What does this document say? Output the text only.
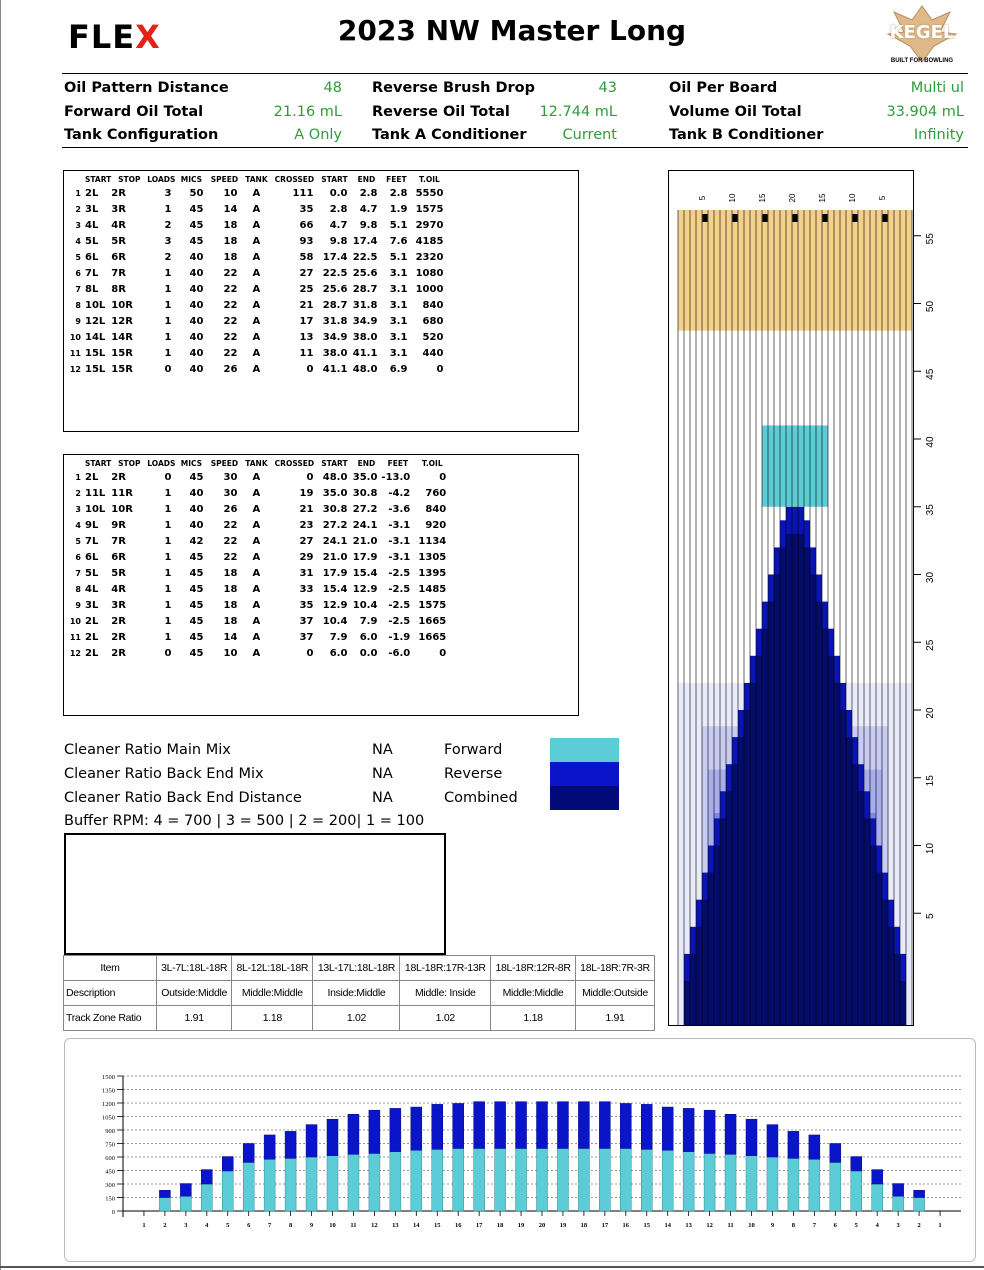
FLEX	2023 NW Master Long	KEGEL
BUILT FOR BOWLING
Oil Pattern Distance	48
Forward Oil Total	21.16 mL
Tank Configuration	A Only
Reverse Brush Drop	43
Reverse Oil Total	12.744 mL
Tank A Conditioner	Current
Oil Per Board	Multi ul
Volume Oil Total	33.904 mL
Tank B Conditioner	Infinity
	START	STOP	LOADS	MICS	SPEED	TANK	CROSSED	START	END	FEET	T.OIL
1	2L	2R	3	50	10	A	111	0.0	2.8	2.8	5550
2	3L	3R	1	45	14	A	35	2.8	4.7	1.9	1575
3	4L	4R	2	45	18	A	66	4.7	9.8	5.1	2970
4	5L	5R	3	45	18	A	93	9.8	17.4	7.6	4185
5	6L	6R	2	40	18	A	58	17.4	22.5	5.1	2320
6	7L	7R	1	40	22	A	27	22.5	25.6	3.1	1080
7	8L	8R	1	40	22	A	25	25.6	28.7	3.1	1000
8	10L	10R	1	40	22	A	21	28.7	31.8	3.1	840
9	12L	12R	1	40	22	A	17	31.8	34.9	3.1	680
10	14L	14R	1	40	22	A	13	34.9	38.0	3.1	520
11	15L	15R	1	40	22	A	11	38.0	41.1	3.1	440
12	15L	15R	0	40	26	A	0	41.1	48.0	6.9	0
	START	STOP	LOADS	MICS	SPEED	TANK	CROSSED	START	END	FEET	T.OIL
1	2L	2R	0	45	30	A	0	48.0	35.0	-13.0	0
2	11L	11R	1	40	30	A	19	35.0	30.8	-4.2	760
3	10L	10R	1	40	26	A	21	30.8	27.2	-3.6	840
4	9L	9R	1	40	22	A	23	27.2	24.1	-3.1	920
5	7L	7R	1	42	22	A	27	24.1	21.0	-3.1	1134
6	6L	6R	1	45	22	A	29	21.0	17.9	-3.1	1305
7	5L	5R	1	45	18	A	31	17.9	15.4	-2.5	1395
8	4L	4R	1	45	18	A	33	15.4	12.9	-2.5	1485
9	3L	3R	1	45	18	A	35	12.9	10.4	-2.5	1575
10	2L	2R	1	45	18	A	37	10.4	7.9	-2.5	1665
11	2L	2R	1	45	14	A	37	7.9	6.0	-1.9	1665
12	2L	2R	0	45	10	A	0	6.0	0.0	-6.0	0
Cleaner Ratio Main Mix	NA	Forward
Cleaner Ratio Back End Mix	NA	Reverse
Cleaner Ratio Back End Distance	NA	Combined
Buffer RPM: 4 = 700 | 3 = 500 | 2 = 200| 1 = 100
Item	3L-7L:18L-18R	8L-12L:18L-18R	13L-17L:18L-18R	18L-18R:17R-13R	18L-18R:12R-8R	18L-18R:7R-3R
Description	Outside:Middle	Middle:Middle	Inside:Middle	Middle: Inside	Middle:Middle	Middle:Outside
Track Zone Ratio	1.91	1.18	1.02	1.02	1.18	1.91
5	10	15	20	15	10	5
55
50
45
40
35
30
25
20
15
10
5
0
150
300
450
600
750
900
1050
1200
1350
1500
1	2	3	4	5	6	7	8	9 10 11 12 13 14 15 16 17 18 19 20 19 18 17 16 15 14 13 12 11 10 9	8	7	6	5	4	3	2	1
